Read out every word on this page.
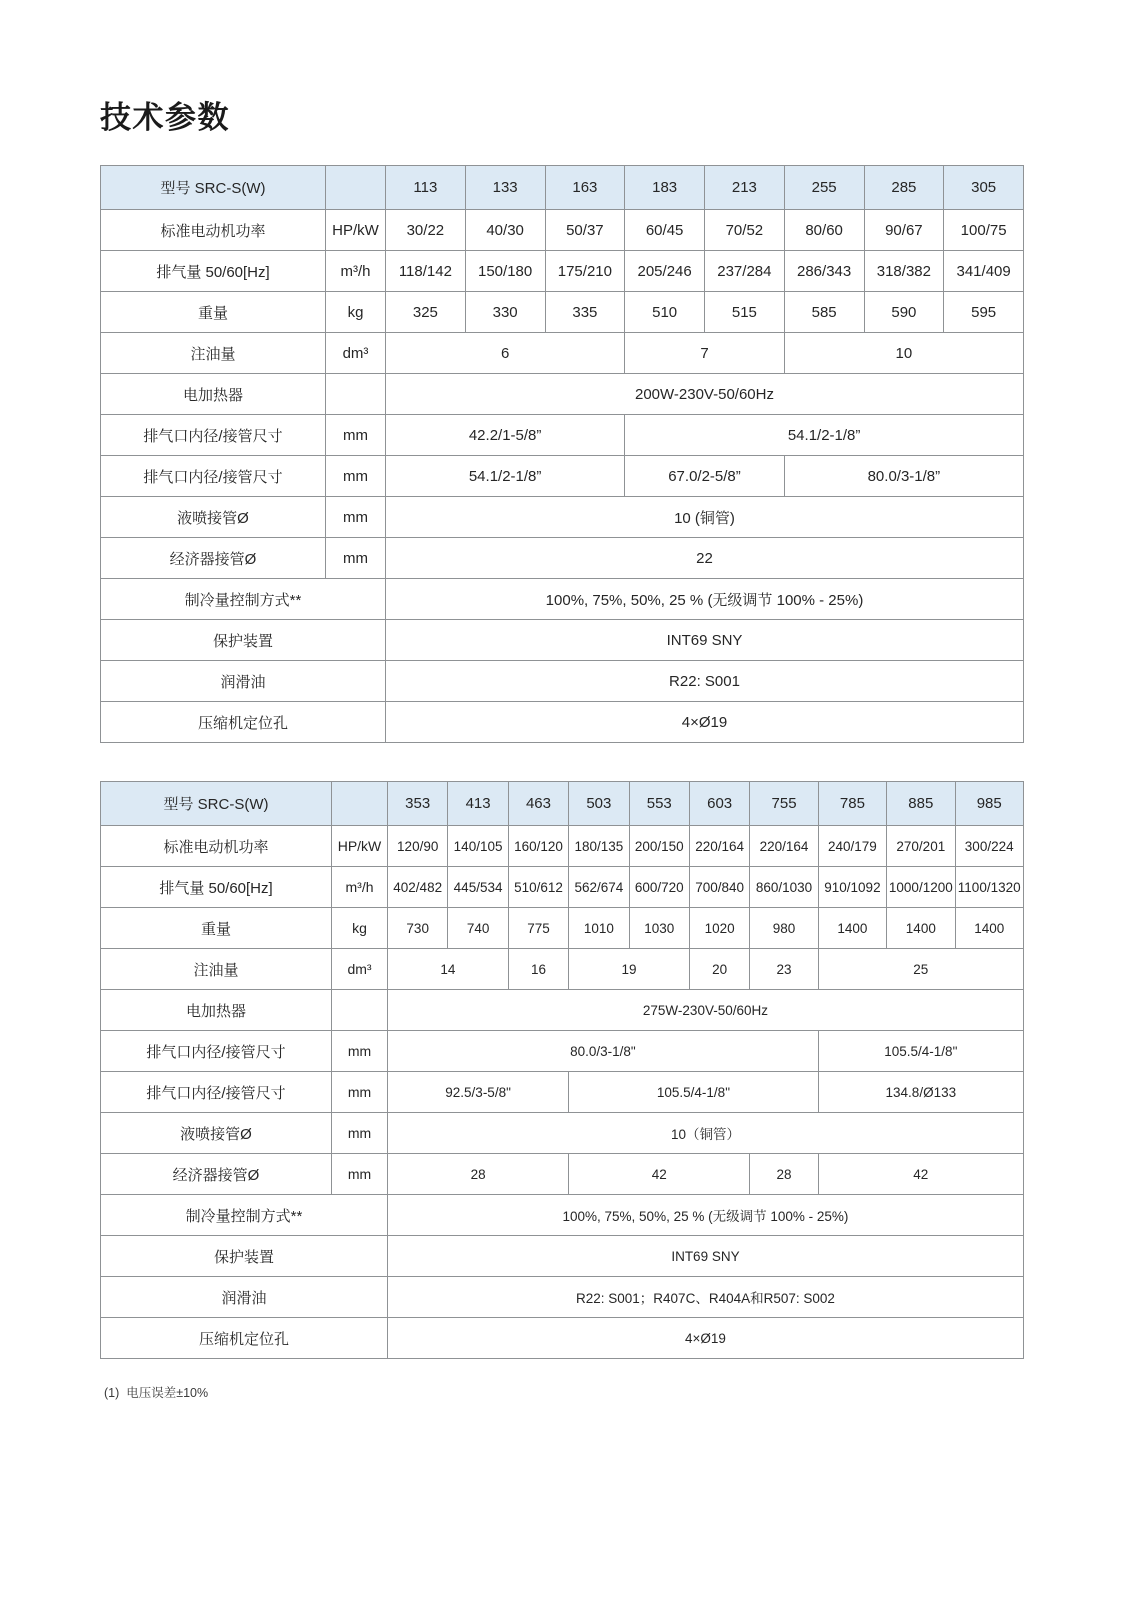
技术参数
型号 SRC-S(W)		113	133	163	183	213	255	285	305
标准电动机功率	HP/kW	30/22	40/30	50/37	60/45	70/52	80/60	90/67	100/75
排气量 50/60[Hz]	m³/h	118/142	150/180	175/210	205/246	237/284	286/343	318/382	341/409
重量	kg	325	330	335	510	515	585	590	595
注油量	dm³	6			7		10		
电加热器		200W-230V-50/60Hz							
排气口内径/接管尺寸	mm	42.2/1-5/8”			54.1/2-1/8”				
排气口内径/接管尺寸	mm	54.1/2-1/8”			67.0/2-5/8”		80.0/3-1/8”		
液喷接管Ø	mm	10 (铜管)							
经济器接管Ø	mm	22							
制冷量控制方式**		100%, 75%, 50%, 25 % (无级调节 100% - 25%)							
保护装置		INT69 SNY							
润滑油		R22: S001							
压缩机定位孔		4×Ø19							
型号 SRC-S(W)		353	413	463	503	553	603	755	785	885	985
标准电动机功率	HP/kW	120/90	140/105	160/120	180/135	200/150	220/164	220/164	240/179	270/201	300/224
排气量 50/60[Hz]	m³/h	402/482	445/534	510/612	562/674	600/720	700/840	860/1030	910/1092	1000/1200	1100/1320
重量	kg	730	740	775	1010	1030	1020	980	1400	1400	1400
注油量	dm³	14		16	19		20	23	25		
电加热器		275W-230V-50/60Hz									
排气口内径/接管尺寸	mm	80.0/3-1/8"							105.5/4-1/8"		
排气口内径/接管尺寸	mm	92.5/3-5/8"			105.5/4-1/8"				134.8/Ø133		
液喷接管Ø	mm	10（铜管）									
经济器接管Ø	mm	28			42			28	42		
制冷量控制方式**		100%, 75%, 50%, 25 % (无级调节 100% - 25%)									
保护装置		INT69 SNY									
润滑油		R22: S001；R407C、R404A和R507: S002									
压缩机定位孔		4×Ø19									
(1)  电压误差±10%
